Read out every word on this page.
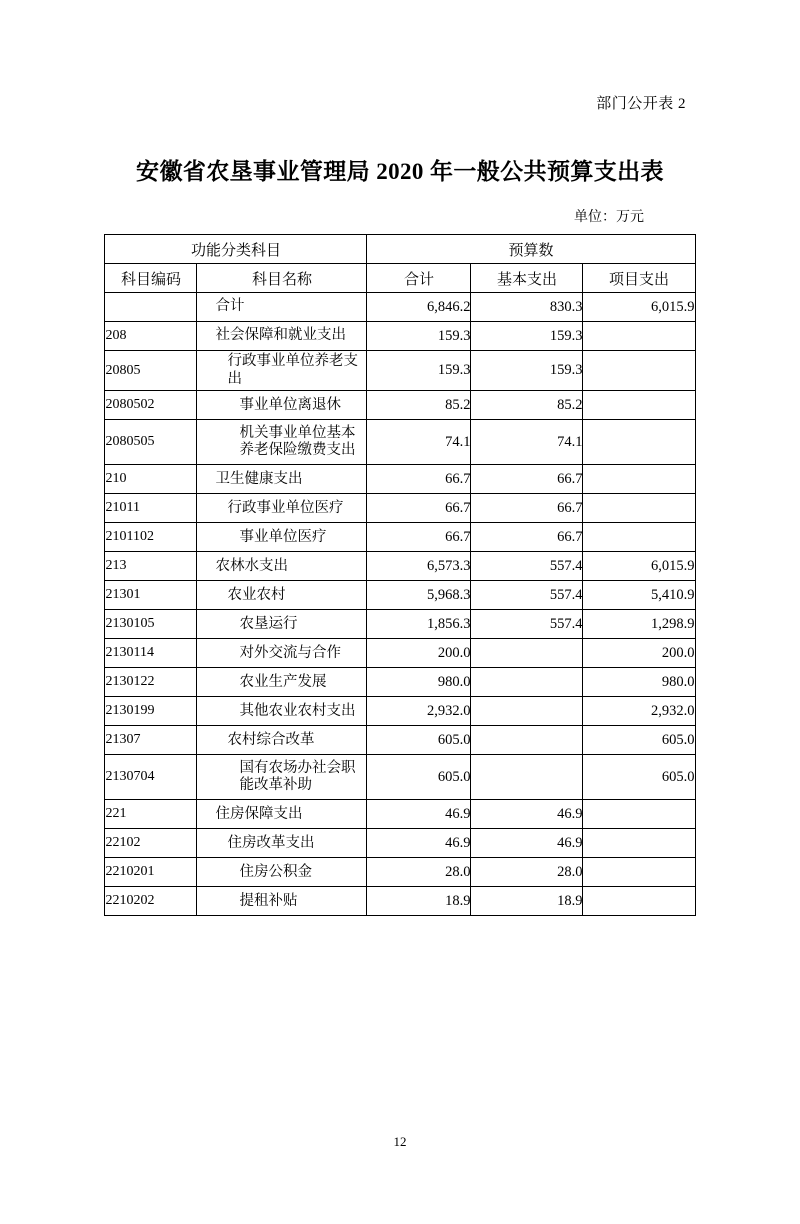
部门公开表 2
安徽省农垦事业管理局 2020 年一般公共预算支出表
单位：万元
功能分类科目		预算数		
科目编码	科目名称	合计	基本支出	项目支出

	合计	6,846.2	830.3	6,015.9
208	社会保障和就业支出	159.3	159.3	
20805	行政事业单位养老支出	159.3	159.3	
2080502	事业单位离退休	85.2	85.2	
2080505	机关事业单位基本养老保险缴费支出	74.1	74.1	
210	卫生健康支出	66.7	66.7	
21011	行政事业单位医疗	66.7	66.7	
2101102	事业单位医疗	66.7	66.7	
213	农林水支出	6,573.3	557.4	6,015.9
21301	农业农村	5,968.3	557.4	5,410.9
2130105	农垦运行	1,856.3	557.4	1,298.9
2130114	对外交流与合作	200.0		200.0
2130122	农业生产发展	980.0		980.0
2130199	其他农业农村支出	2,932.0		2,932.0
21307	农村综合改革	605.0		605.0
2130704	国有农场办社会职能改革补助	605.0		605.0
221	住房保障支出	46.9	46.9	
22102	住房改革支出	46.9	46.9	
2210201	住房公积金	28.0	28.0	
2210202	提租补贴	18.9	18.9	
12
